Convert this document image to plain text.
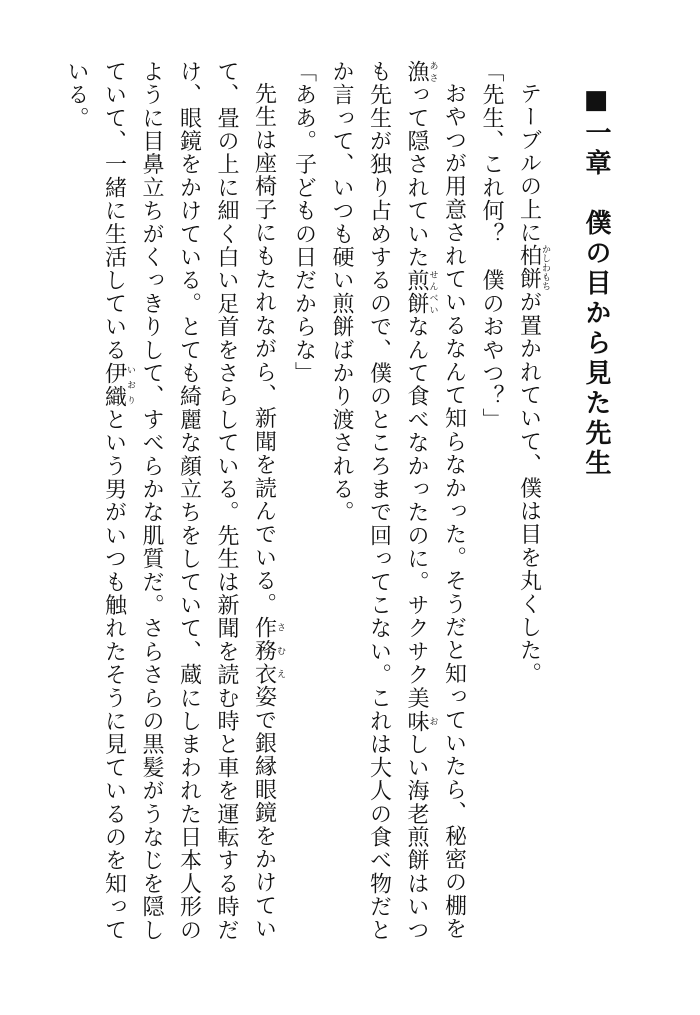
■一章　僕の目から見た先生

テーブルの上に柏餅かしわもちが置かれていて、僕は目を丸くした。

「先生、これ何？　僕のおやつ？」

おやつが用意されているなんて知らなかった。そうだと知っていたら、秘密の棚を漁あさって隠されていた煎餅せんべいなんて食べなかったのに。サクサク美味おしい海老煎餅はいつも先生が独り占めするので、僕のところまで回ってこない。これは大人の食べ物だとか言って、いつも硬い煎餅ばかり渡される。

「ああ。子どもの日だからな」

先生は座椅子にもたれながら、新聞を読んでいる。作務衣さむえ姿で銀縁眼鏡をかけていて、畳の上に細く白い足首をさらしている。先生は新聞を読む時と車を運転する時だけ、眼鏡をかけている。とても綺麗な顔立ちをしていて、蔵にしまわれた日本人形のように目鼻立ちがくっきりして、すべらかな肌質だ。さらさらの黒髪がうなじを隠していて、一緒に生活している伊織いおりという男がいつも触れたそうに見ているのを知っている。
